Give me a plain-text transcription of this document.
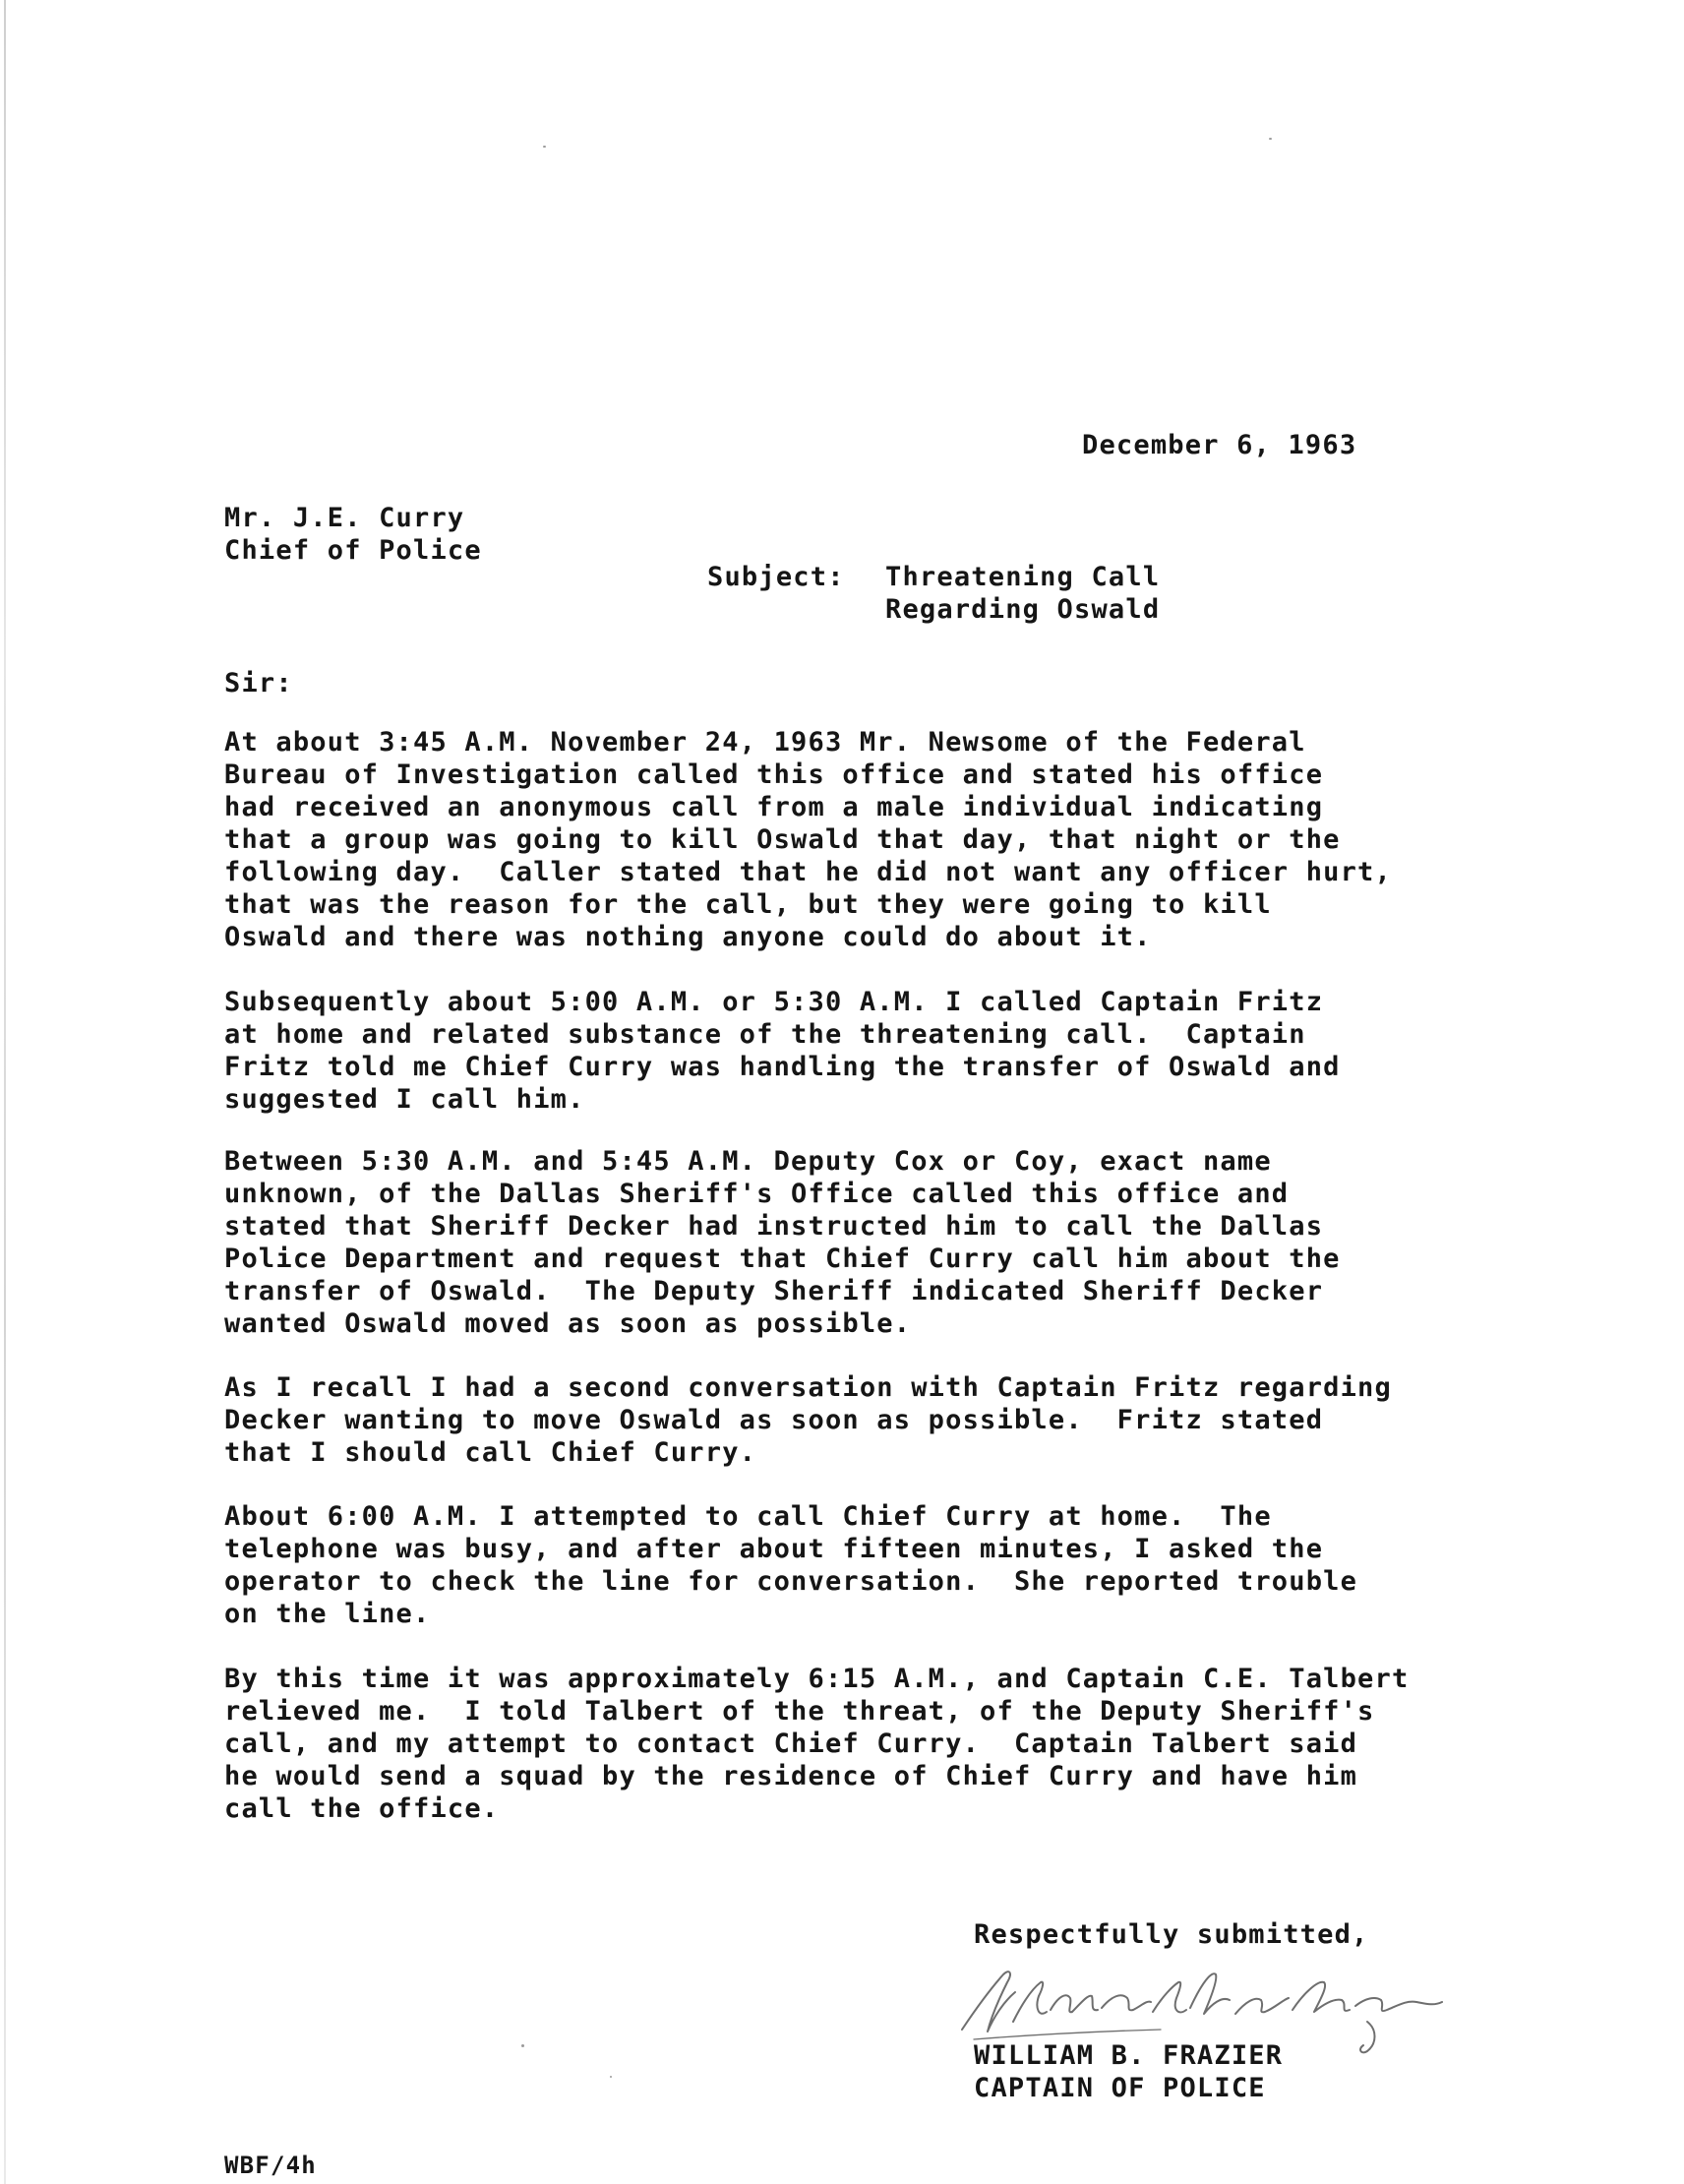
December 6, 1963

Mr. J.E. Curry
Chief of Police

Subject: Threatening Call
Regarding Oswald

Sir:

At about 3:45 A.M. November 24, 1963 Mr. Newsome of the Federal
Bureau of Investigation called this office and stated his office
had received an anonymous call from a male individual indicating
that a group was going to kill Oswald that day, that night or the
following day.  Caller stated that he did not want any officer hurt,
that was the reason for the call, but they were going to kill
Oswald and there was nothing anyone could do about it.
Subsequently about 5:00 A.M. or 5:30 A.M. I called Captain Fritz
at home and related substance of the threatening call.  Captain
Fritz told me Chief Curry was handling the transfer of Oswald and
suggested I call him.
Between 5:30 A.M. and 5:45 A.M. Deputy Cox or Coy, exact name
unknown, of the Dallas Sheriff's Office called this office and
stated that Sheriff Decker had instructed him to call the Dallas
Police Department and request that Chief Curry call him about the
transfer of Oswald.  The Deputy Sheriff indicated Sheriff Decker
wanted Oswald moved as soon as possible.
As I recall I had a second conversation with Captain Fritz regarding
Decker wanting to move Oswald as soon as possible.  Fritz stated
that I should call Chief Curry.
About 6:00 A.M. I attempted to call Chief Curry at home.  The
telephone was busy, and after about fifteen minutes, I asked the
operator to check the line for conversation.  She reported trouble
on the line.
By this time it was approximately 6:15 A.M., and Captain C.E. Talbert
relieved me.  I told Talbert of the threat, of the Deputy Sheriff's
call, and my attempt to contact Chief Curry.  Captain Talbert said
he would send a squad by the residence of Chief Curry and have him
call the office.

Respectfully submitted,

WILLIAM B. FRAZIER
CAPTAIN OF POLICE

WBF/4h
